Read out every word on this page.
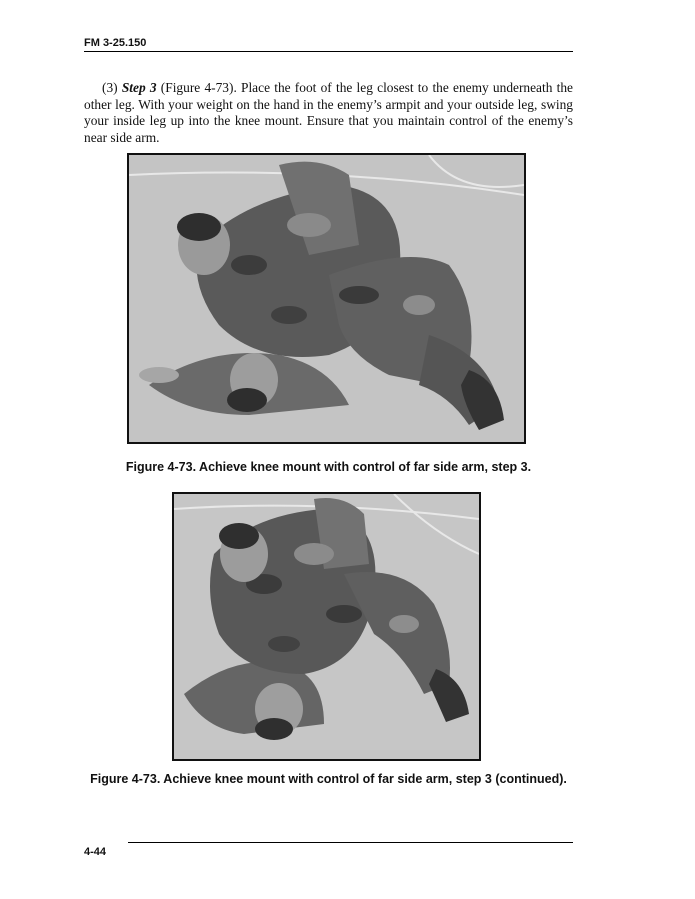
FM 3-25.150

(3) Step 3 (Figure 4-73). Place the foot of the leg closest to the enemy underneath the other leg. With your weight on the hand in the enemy’s armpit and your outside leg, swing your inside leg up into the knee mount. Ensure that you maintain control of the enemy’s near side arm.

Figure 4-73. Achieve knee mount with control of far side arm, step 3.
Figure 4-73. Achieve knee mount with control of far side arm, step 3 (continued).
4-44
